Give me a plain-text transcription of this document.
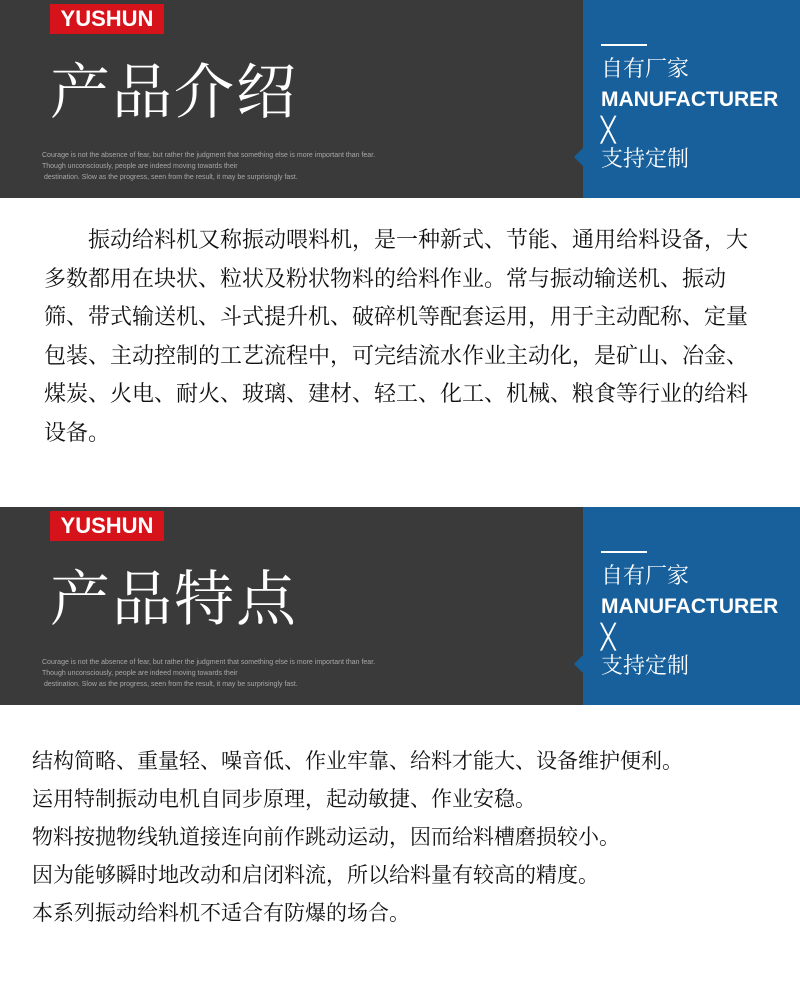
YUSHUN
产品介绍
Courage is not the absence of fear, but rather the judgment that something else is more important than fear.
Though unconsciously, people are indeed moving towards their
destination. Slow as the progress, seen from the result, it may be surprisingly fast.
自有厂家
MANUFACTURER
╳
支持定制

振动给料机又称振动喂料机，是一种新式、节能、通用给料设备，大多数都用在块状、粒状及粉状物料的给料作业。常与振动输送机、振动筛、带式输送机、斗式提升机、破碎机等配套运用，用于主动配称、定量包装、主动控制的工艺流程中，可完结流水作业主动化，是矿山、冶金、煤炭、火电、耐火、玻璃、建材、轻工、化工、机械、粮食等行业的给料设备。

YUSHUN
产品特点
Courage is not the absence of fear, but rather the judgment that something else is more important than fear.
Though unconsciously, people are indeed moving towards their
destination. Slow as the progress, seen from the result, it may be surprisingly fast.
自有厂家
MANUFACTURER
╳
支持定制
结构简略、重量轻、噪音低、作业牢靠、给料才能大、设备维护便利。
运用特制振动电机自同步原理，起动敏捷、作业安稳。
物料按抛物线轨道接连向前作跳动运动，因而给料槽磨损较小。
因为能够瞬时地改动和启闭料流，所以给料量有较高的精度。
本系列振动给料机不适合有防爆的场合。
